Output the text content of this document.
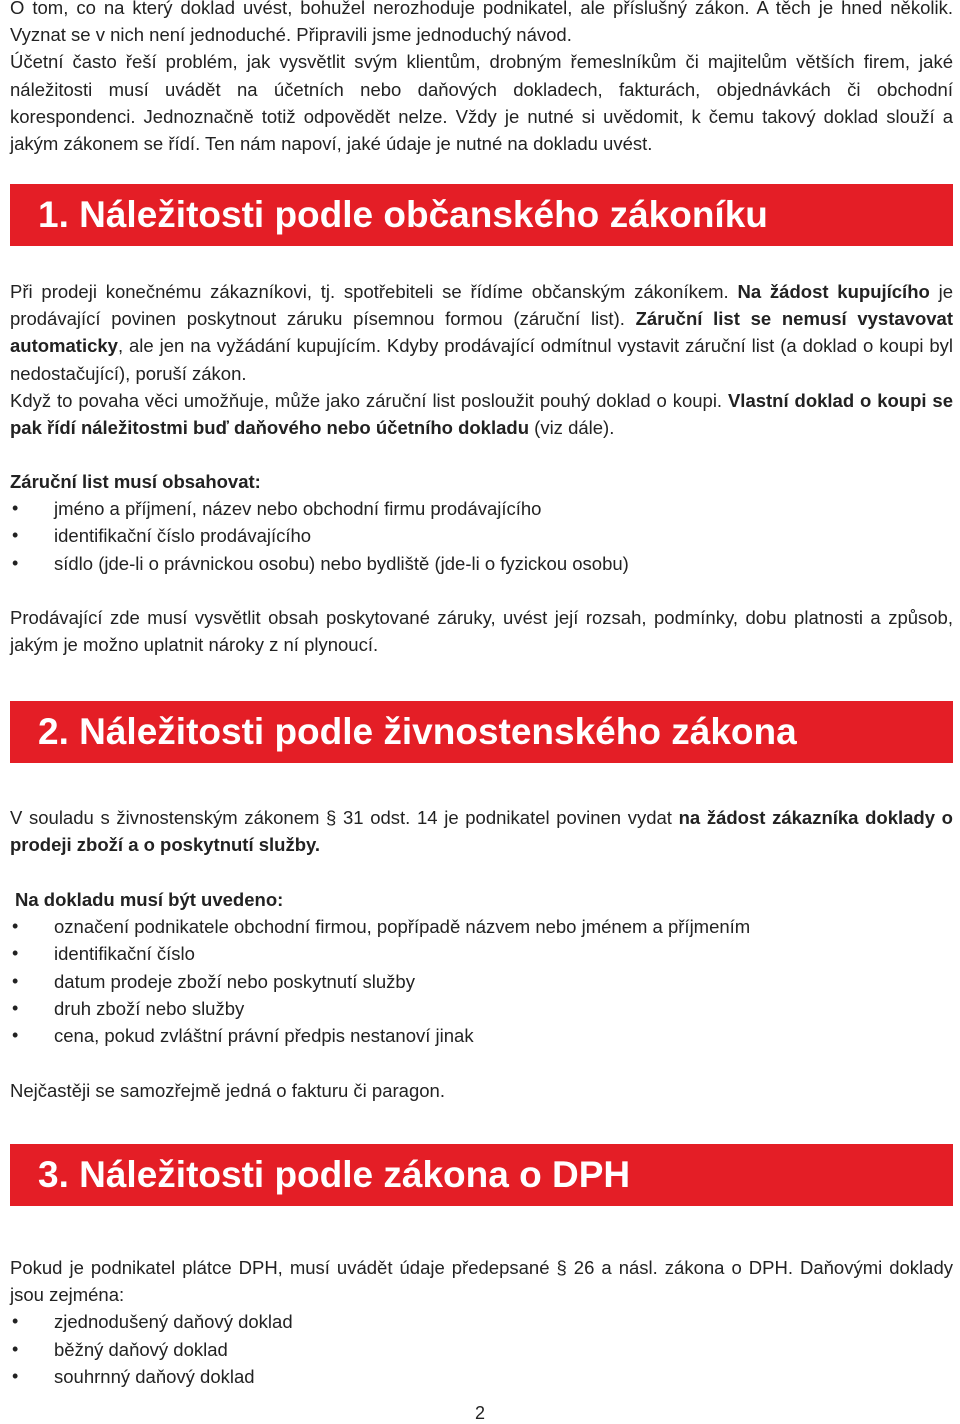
O tom, co na který doklad uvést, bohužel nerozhoduje podnikatel, ale příslušný zákon. A těch je hned několik. Vyznat se v nich není jednoduché. Připravili jsme jednoduchý návod.

Účetní často řeší problém, jak vysvětlit svým klientům, drobným řemeslníkům či majitelům větších firem, jaké náležitosti musí uvádět na účetních nebo daňových dokladech, fakturách, objednávkách či obchodní korespondenci. Jednoznačně totiž odpovědět nelze. Vždy je nutné si uvědomit, k čemu takový doklad slouží a jakým zákonem se řídí. Ten nám napoví, jaké údaje je nutné na dokladu uvést.

1. Náležitosti podle občanského zákoníku

Při prodeji konečnému zákazníkovi, tj. spotřebiteli se řídíme občanským zákoníkem. Na žádost kupujícího je prodávající povinen poskytnout záruku písemnou formou (záruční list). Záruční list se nemusí vystavovat automaticky, ale jen na vyžádání kupujícím. Kdyby prodávající odmítnul vystavit záruční list (a doklad o koupi byl nedostačující), poruší zákon.

Když to povaha věci umožňuje, může jako záruční list posloužit pouhý doklad o koupi. Vlastní doklad o koupi se pak řídí náležitostmi buď daňového nebo účetního dokladu (viz dále).

Záruční list musí obsahovat:

• jméno a příjmení, název nebo obchodní firmu prodávajícího
• identifikační číslo prodávajícího
• sídlo (jde-li o právnickou osobu) nebo bydliště (jde-li o fyzickou osobu)

Prodávající zde musí vysvětlit obsah poskytované záruky, uvést její rozsah, podmínky, dobu platnosti a způsob, jakým je možno uplatnit nároky z ní plynoucí.

2. Náležitosti podle živnostenského zákona

V souladu s živnostenským zákonem § 31 odst. 14 je podnikatel povinen vydat na žádost zákazníka doklady o prodeji zboží a o poskytnutí služby.

Na dokladu musí být uvedeno:

• označení podnikatele obchodní firmou, popřípadě názvem nebo jménem a příjmením
• identifikační číslo
• datum prodeje zboží nebo poskytnutí služby
• druh zboží nebo služby
• cena, pokud zvláštní právní předpis nestanoví jinak

Nejčastěji se samozřejmě jedná o fakturu či paragon.

3. Náležitosti podle zákona o DPH

Pokud je podnikatel plátce DPH, musí uvádět údaje předepsané § 26 a násl. zákona o DPH. Daňovými doklady jsou zejména:

• zjednodušený daňový doklad
• běžný daňový doklad
• souhrnný daňový doklad
2
